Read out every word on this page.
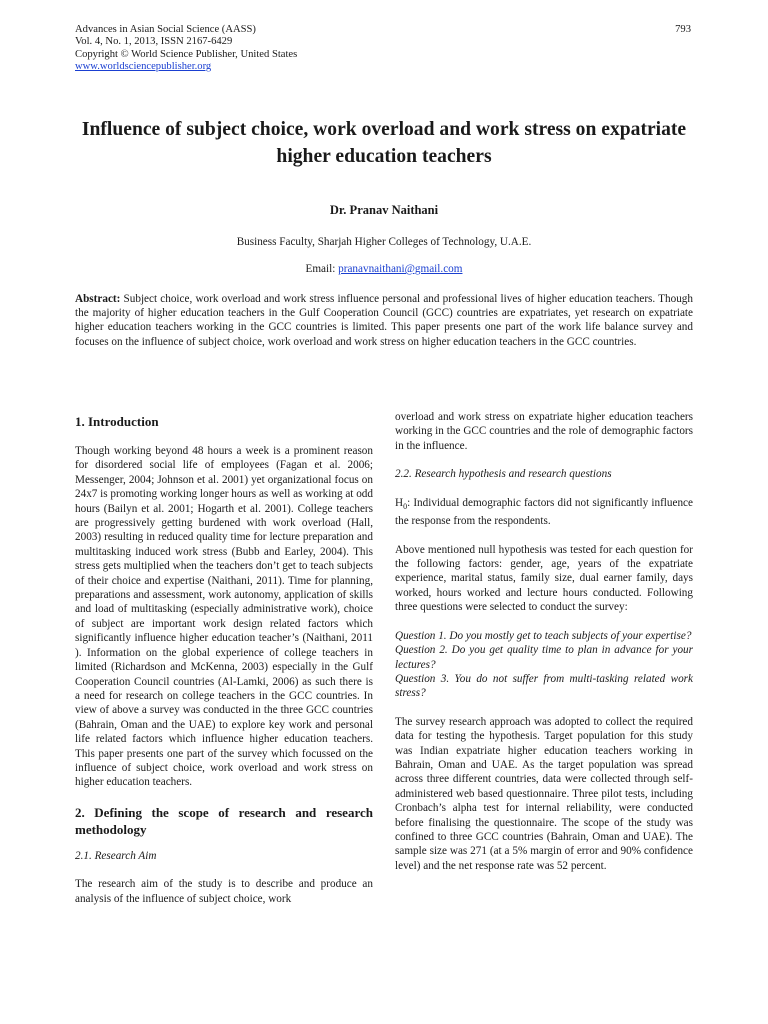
Advances in Asian Social Science (AASS)
Vol. 4, No. 1, 2013, ISSN 2167-6429
Copyright © World Science Publisher, United States
www.worldsciencepublisher.org
793
Influence of subject choice, work overload and work stress on expatriate higher education teachers
Dr. Pranav Naithani
Business Faculty, Sharjah Higher Colleges of Technology, U.A.E.
Email: pranavnaithani@gmail.com
Abstract: Subject choice, work overload and work stress influence personal and professional lives of higher education teachers. Though the majority of higher education teachers in the Gulf Cooperation Council (GCC) countries are expatriates, yet research on expatriate higher education teachers working in the GCC countries is limited. This paper presents one part of the work life balance survey and focuses on the influence of subject choice, work overload and work stress on higher education teachers in the GCC countries.

1. Introduction

Though working beyond 48 hours a week is a prominent reason for disordered social life of employees (Fagan et al. 2006; Messenger, 2004; Johnson et al. 2001) yet organizational focus on 24x7 is promoting working longer hours as well as working at odd hours (Bailyn et al. 2001; Hogarth et al. 2001). College teachers are progressively getting burdened with work overload (Hall, 2003) resulting in reduced quality time for lecture preparation and multitasking induced work stress (Bubb and Earley, 2004). This stress gets multiplied when the teachers don’t get to teach subjects of their choice and expertise (Naithani, 2011). Time for planning, preparations and assessment, work autonomy, application of skills and load of multitasking (especially administrative work), choice of subject are important work design related factors which significantly influence higher education teacher’s (Naithani, 2011 ). Information on the global experience of college teachers in limited (Richardson and McKenna, 2003) especially in the Gulf Cooperation Council countries (Al-Lamki, 2006) as such there is a need for research on college teachers in the GCC countries. In view of above a survey was conducted in the three GCC countries (Bahrain, Oman and the UAE) to explore key work and personal life related factors which influence higher education teachers. This paper presents one part of the survey which focussed on the influence of subject choice, work overload and work stress on higher education teachers.

2. Defining the scope of research and research methodology

2.1. Research Aim

The research aim of the study is to describe and produce an analysis of the influence of subject choice, work

overload and work stress on expatriate higher education teachers working in the GCC countries and the role of demographic factors in the influence.

2.2. Research hypothesis and research questions

$H_0$: Individual demographic factors did not significantly influence the response from the respondents.

Above mentioned null hypothesis was tested for each question for the following factors: gender, age, years of the expatriate experience, marital status, family size, dual earner family, days worked, hours worked and lecture hours conducted. Following three questions were selected to conduct the survey:

Question 1. Do you mostly get to teach subjects of your expertise?

Question 2. Do you get quality time to plan in advance for your lectures?

Question 3. You do not suffer from multi-tasking related work stress?

The survey research approach was adopted to collect the required data for testing the hypothesis. Target population for this study was Indian expatriate higher education teachers working in Bahrain, Oman and UAE. As the target population was spread across three different countries, data were collected through self-administered web based questionnaire. Three pilot tests, including Cronbach’s alpha test for internal reliability, were conducted before finalising the questionnaire. The scope of the study was confined to three GCC countries (Bahrain, Oman and UAE). The sample size was 271 (at a 5% margin of error and 90% confidence level) and the net response rate was 52 percent.
